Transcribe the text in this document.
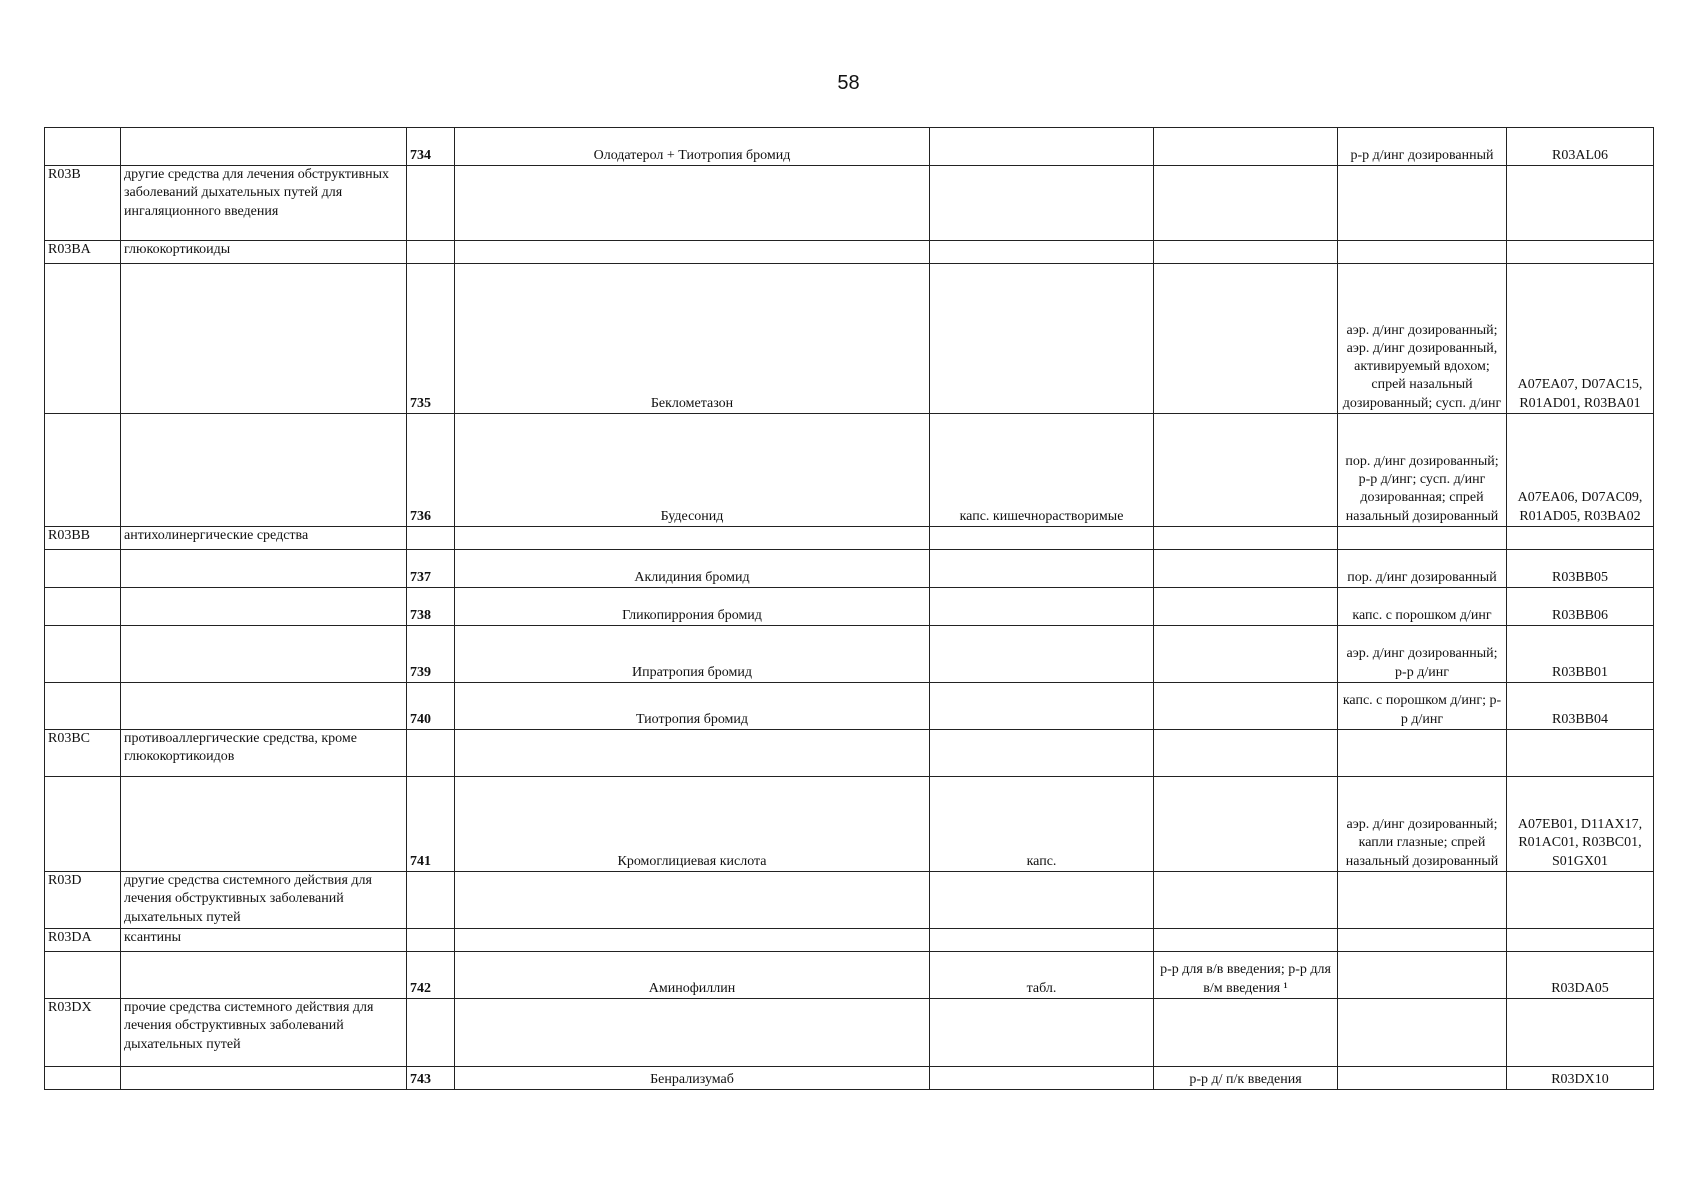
58
		734	Олодатерол + Тиотропия бромид			р-р д/инг дозированный	R03AL06
R03B	другие средства для лечения обструктивных заболеваний дыхательных путей для ингаляционного введения						
R03BA	глюкокортикоиды						
		735	Беклометазон			аэр. д/инг дозированный; аэр. д/инг дозированный, активируемый вдохом; спрей назальный дозированный; сусп. д/инг	A07EA07, D07AC15, R01AD01, R03BA01
		736	Будесонид	капс. кишечнорастворимые		пор. д/инг дозированный; р-р д/инг; сусп. д/инг дозированная; спрей назальный дозированный	A07EA06, D07AC09, R01AD05, R03BA02
R03BB	антихолинергические средства						
		737	Аклидиния бромид			пор. д/инг дозированный	R03BB05
		738	Гликопиррония бромид			капс. с порошком д/инг	R03BB06
		739	Ипратропия бромид			аэр. д/инг дозированный; р-р д/инг	R03BB01
		740	Тиотропия бромид			капс. с порошком д/инг; р-р д/инг	R03BB04
R03BC	противоаллергические средства, кроме глюкокортикоидов						
		741	Кромоглициевая кислота	капс.		аэр. д/инг дозированный; капли глазные; спрей назальный дозированный	A07EB01, D11AX17, R01AC01, R03BC01, S01GX01
R03D	другие средства системного действия для лечения обструктивных заболеваний дыхательных путей						
R03DA	ксантины						
		742	Аминофиллин	табл.	р-р для в/в введения; р-р для в/м введения ¹		R03DA05
R03DX	прочие средства системного действия для лечения обструктивных заболеваний дыхательных путей						
		743	Бенрализумаб		р-р д/ п/к введения		R03DX10
